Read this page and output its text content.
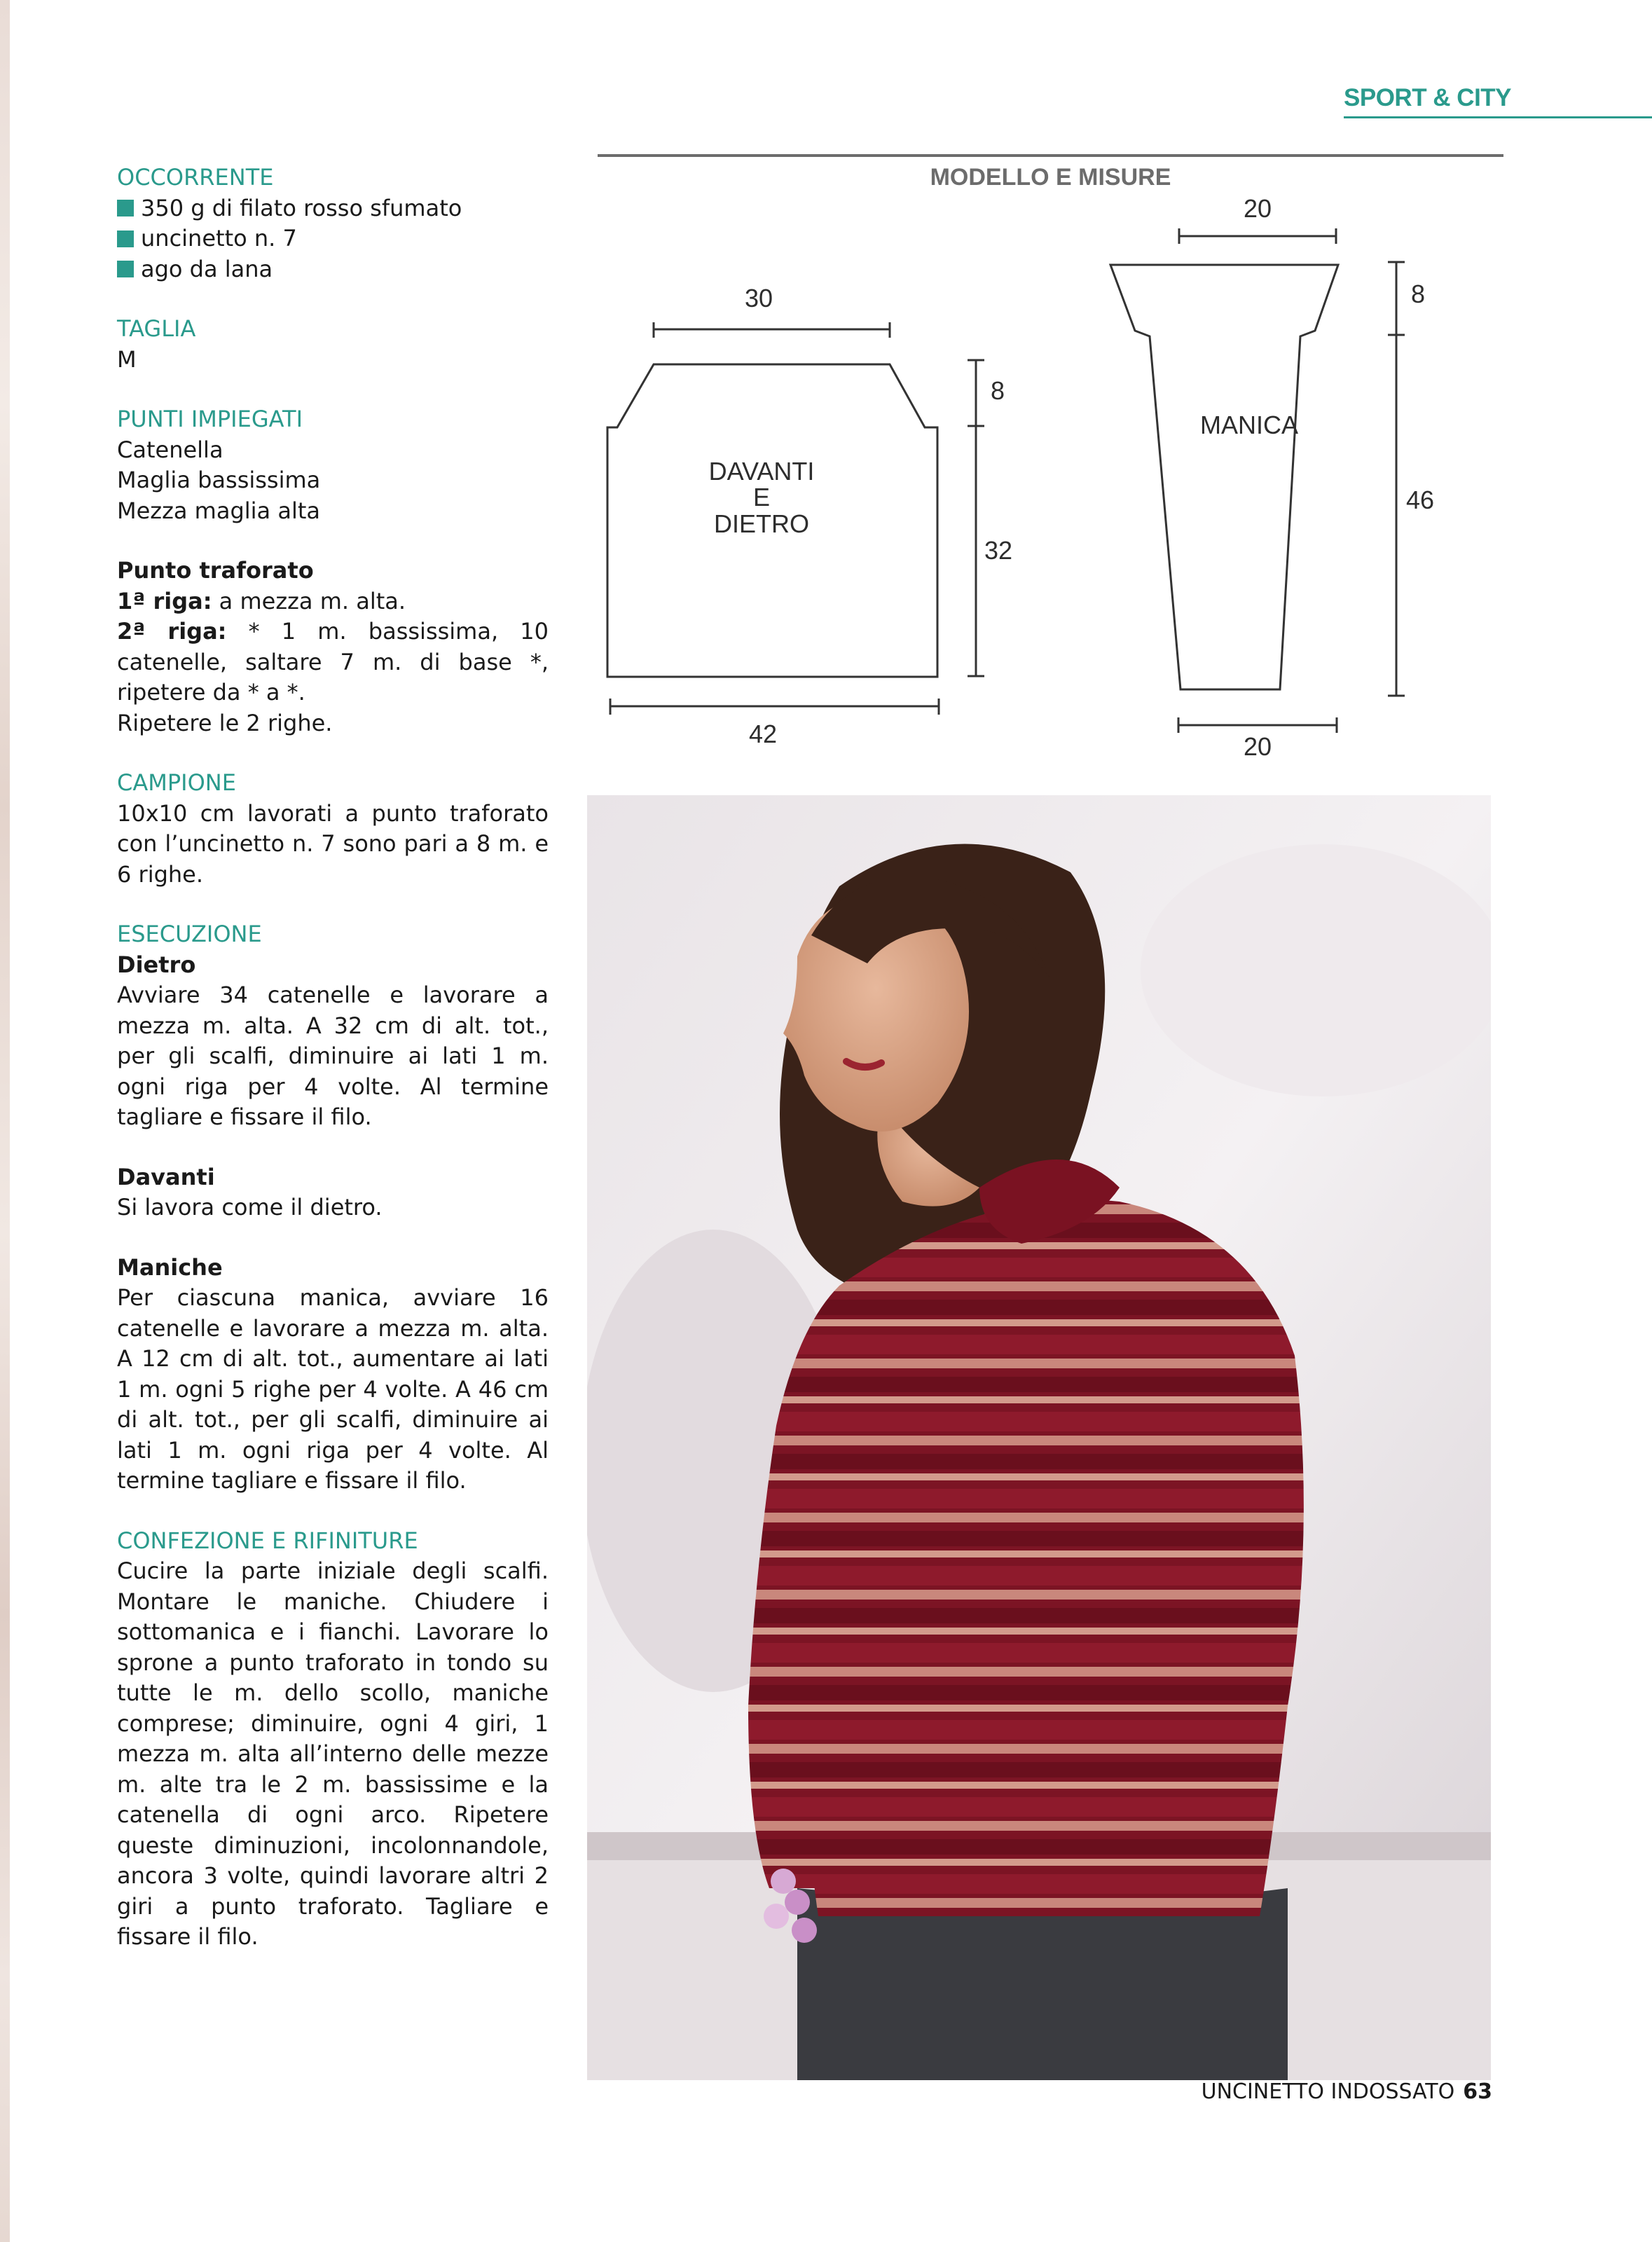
SPORT & CITY

OCCORRENTE

350 g di filato rosso sfumato
uncinetto n. 7
ago da lana

TAGLIA

M

PUNTI IMPIEGATI

Catenella

Maglia bassissima

Mezza maglia alta

Punto traforato

1ª riga: a mezza m. alta.

2ª riga: * 1 m. bassissima, 10 catenelle, saltare 7 m. di base *, ripetere da * a *.

Ripetere le 2 righe.

CAMPIONE

10x10 cm lavorati a punto traforato con l’uncinetto n. 7 sono pari a 8 m. e 6 righe.

ESECUZIONE

Dietro

Avviare 34 catenelle e lavorare a mezza m. alta. A 32 cm di alt. tot., per gli scalfi, diminuire ai lati 1 m. ogni riga per 4 volte. Al termine tagliare e fissare il filo.

Davanti

Si lavora come il dietro.

Maniche

Per ciascuna manica, avviare 16 catenelle e lavorare a mezza m. alta. A 12 cm di alt. tot., aumentare ai lati 1 m. ogni 5 righe per 4 volte. A 46 cm di alt. tot., per gli scalfi, diminuire ai lati 1 m. ogni riga per 4 volte. Al termine tagliare e fissare il filo.

CONFEZIONE E RIFINITURE

Cucire la parte iniziale degli scalfi. Montare le maniche. Chiudere i sottomanica e i fianchi. Lavorare lo sprone a punto traforato in tondo su tutte le m. dello scollo, maniche comprese; diminuire, ogni 4 giri, 1 mezza m. alta all’interno delle mezze m. alte tra le 2 m. bassissime e la catenella di ogni arco. Ripetere queste diminuzioni, incolonnandole, ancora 3 volte, quindi lavorare altri 2 giri a punto traforato. Tagliare e fissare il filo.

MODELLO E MISURE
30
42
8
32
DAVANTI
E
DIETRO
20
20
8
46
MANICA
UNCINETTO INDOSSATO 63
